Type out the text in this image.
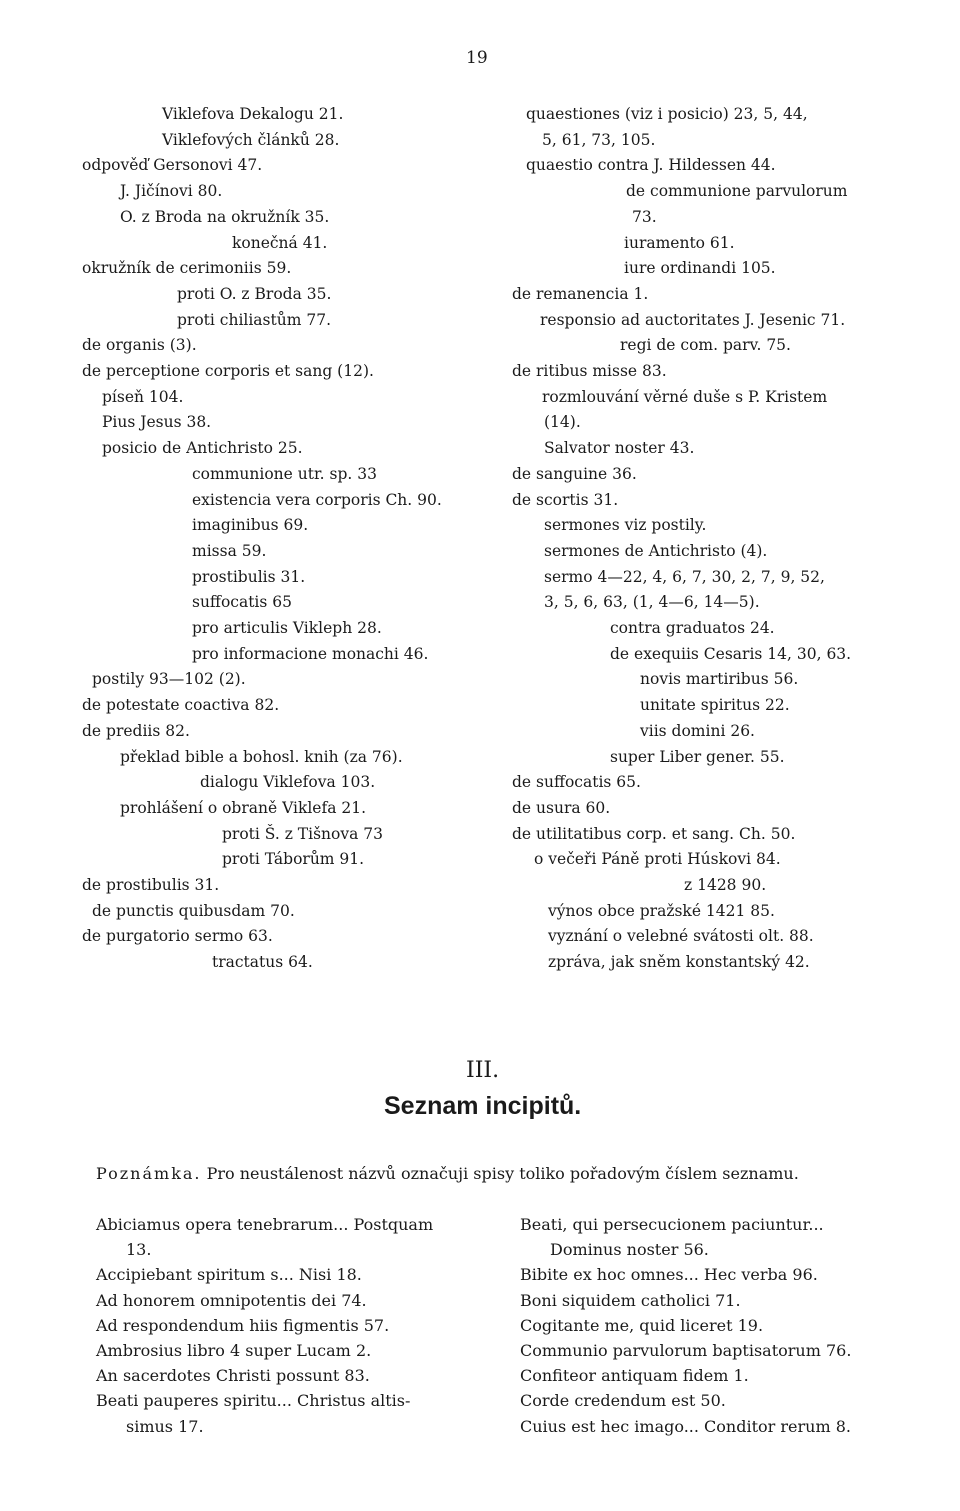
19
Viklefova Dekalogu 21.
Viklefových článků 28.
odpověď Gersonovi 47.
J. Jičínovi 80.
O. z Broda na okružník 35.
konečná 41.
okružník de cerimoniis 59.
proti O. z Broda 35.
proti chiliastům 77.
de organis (3).
de perceptione corporis et sang (12).
píseň 104.
Pius Jesus 38.
posicio de Antichristo 25.
communione utr. sp. 33
existencia vera corporis Ch. 90.
imaginibus 69.
missa 59.
prostibulis 31.
suffocatis 65
pro articulis Vikleph 28.
pro informacione monachi 46.
postily 93—102 (2).
de potestate coactiva 82.
de prediis 82.
překlad bible a bohosl. knih (za 76).
dialogu Viklefova 103.
prohlášení o obraně Viklefa 21.
proti Š. z Tišnova 73
proti Táborům 91.
de prostibulis 31.
de punctis quibusdam 70.
de purgatorio sermo 63.
tractatus 64.
quaestiones (viz i posicio) 23, 5, 44,
5, 61, 73, 105.
quaestio contra J. Hildessen 44.
de communione parvulorum
73.
iuramento 61.
iure ordinandi 105.
de remanencia 1.
responsio ad auctoritates J. Jesenic 71.
regi de com. parv. 75.
de ritibus misse 83.
rozmlouvání věrné duše s P. Kristem
(14).
Salvator noster 43.
de sanguine 36.
de scortis 31.
sermones viz postily.
sermones de Antichristo (4).
sermo 4—22, 4, 6, 7, 30, 2, 7, 9, 52,
3, 5, 6, 63, (1, 4—6, 14—5).
contra graduatos 24.
de exequiis Cesaris 14, 30, 63.
novis martiribus 56.
unitate spiritus 22.
viis domini 26.
super Liber gener. 55.
de suffocatis 65.
de usura 60.
de utilitatibus corp. et sang. Ch. 50.
o večeři Páně proti Húskovi 84.
z 1428 90.
výnos obce pražské 1421 85.
vyznání o velebné svátosti olt. 88.
zpráva, jak sněm konstantský 42.
III.
Seznam incipitů.
Poznámka. Pro neustálenost názvů označuji spisy toliko pořadovým číslem seznamu.
Abiciamus opera tenebrarum... Postquam
13.
Accipiebant spiritum s... Nisi 18.
Ad honorem omnipotentis dei 74.
Ad respondendum hiis figmentis 57.
Ambrosius libro 4 super Lucam 2.
An sacerdotes Christi possunt 83.
Beati pauperes spiritu... Christus altis-
simus 17.
Beati, qui persecucionem paciuntur...
Dominus noster 56.
Bibite ex hoc omnes... Hec verba 96.
Boni siquidem catholici 71.
Cogitante me, quid liceret 19.
Communio parvulorum baptisatorum 76.
Confiteor antiquam fidem 1.
Corde credendum est 50.
Cuius est hec imago... Conditor rerum 8.
